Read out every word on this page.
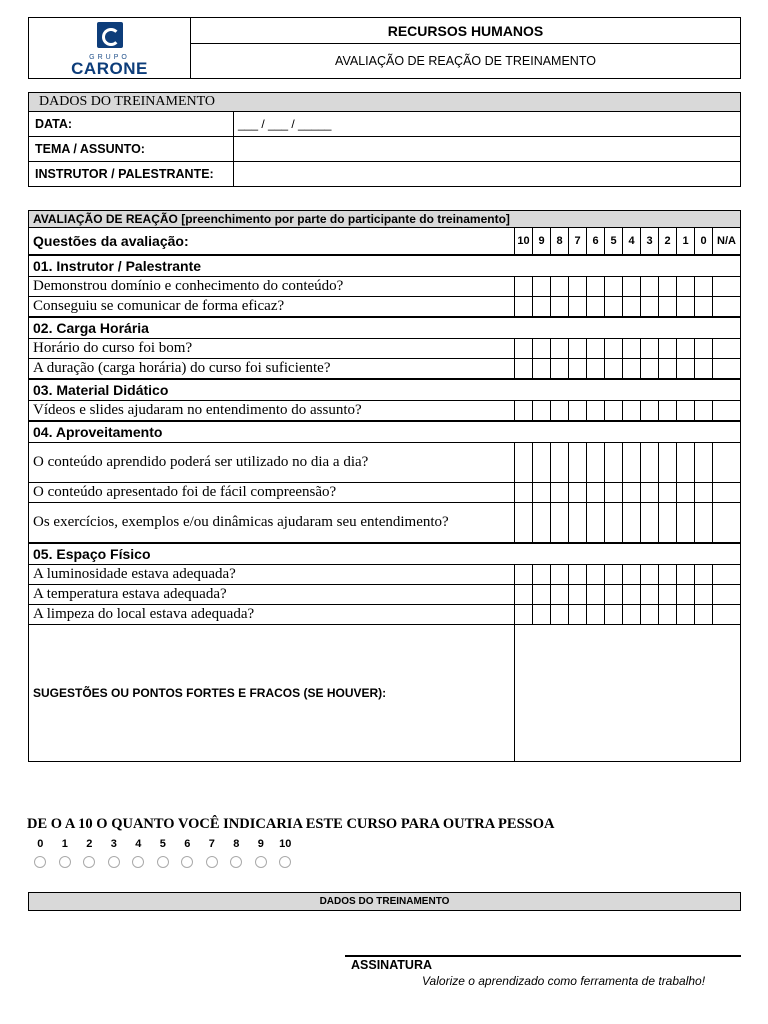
GRUPO
CARONE
	RECURSOS HUMANOS
AVALIAÇÃO DE REAÇÃO DE TREINAMENTO
DADOS DO TREINAMENTO	
DATA:	___ / ___ / _____
TEMA / ASSUNTO:	
INSTRUTOR / PALESTRANTE:	
AVALIAÇÃO DE REAÇÃO [preenchimento por parte do participante do treinamento]												
Questões da avaliação:	10	9	8	7	6	5	4	3	2	1	0	N/A
01. Instrutor / Palestrante												
Demonstrou domínio e conhecimento do conteúdo?												
Conseguiu se comunicar de forma eficaz?												
02. Carga Horária												
Horário do curso foi bom?												
A duração (carga horária) do curso foi suficiente?												
03. Material Didático												
Vídeos e slides ajudaram no entendimento do assunto?												
04. Aproveitamento												
O conteúdo aprendido poderá ser utilizado no dia a dia?												
O conteúdo apresentado foi de fácil compreensão?												
Os exercícios, exemplos e/ou dinâmicas ajudaram seu entendimento?												
05. Espaço Físico												
A luminosidade estava adequada?												
A temperatura estava adequada?												
A limpeza do local estava adequada?												
SUGESTÕES OU PONTOS FORTES E FRACOS (SE HOUVER):												

DE O A 10 O QUANTO VOCÊ INDICARIA ESTE CURSO PARA OUTRA PESSOA

0	1	2	3	4	5	6	7	8	9	10
DADOS DO TREINAMENTO
ASSINATURA
Valorize o aprendizado como ferramenta de trabalho!
